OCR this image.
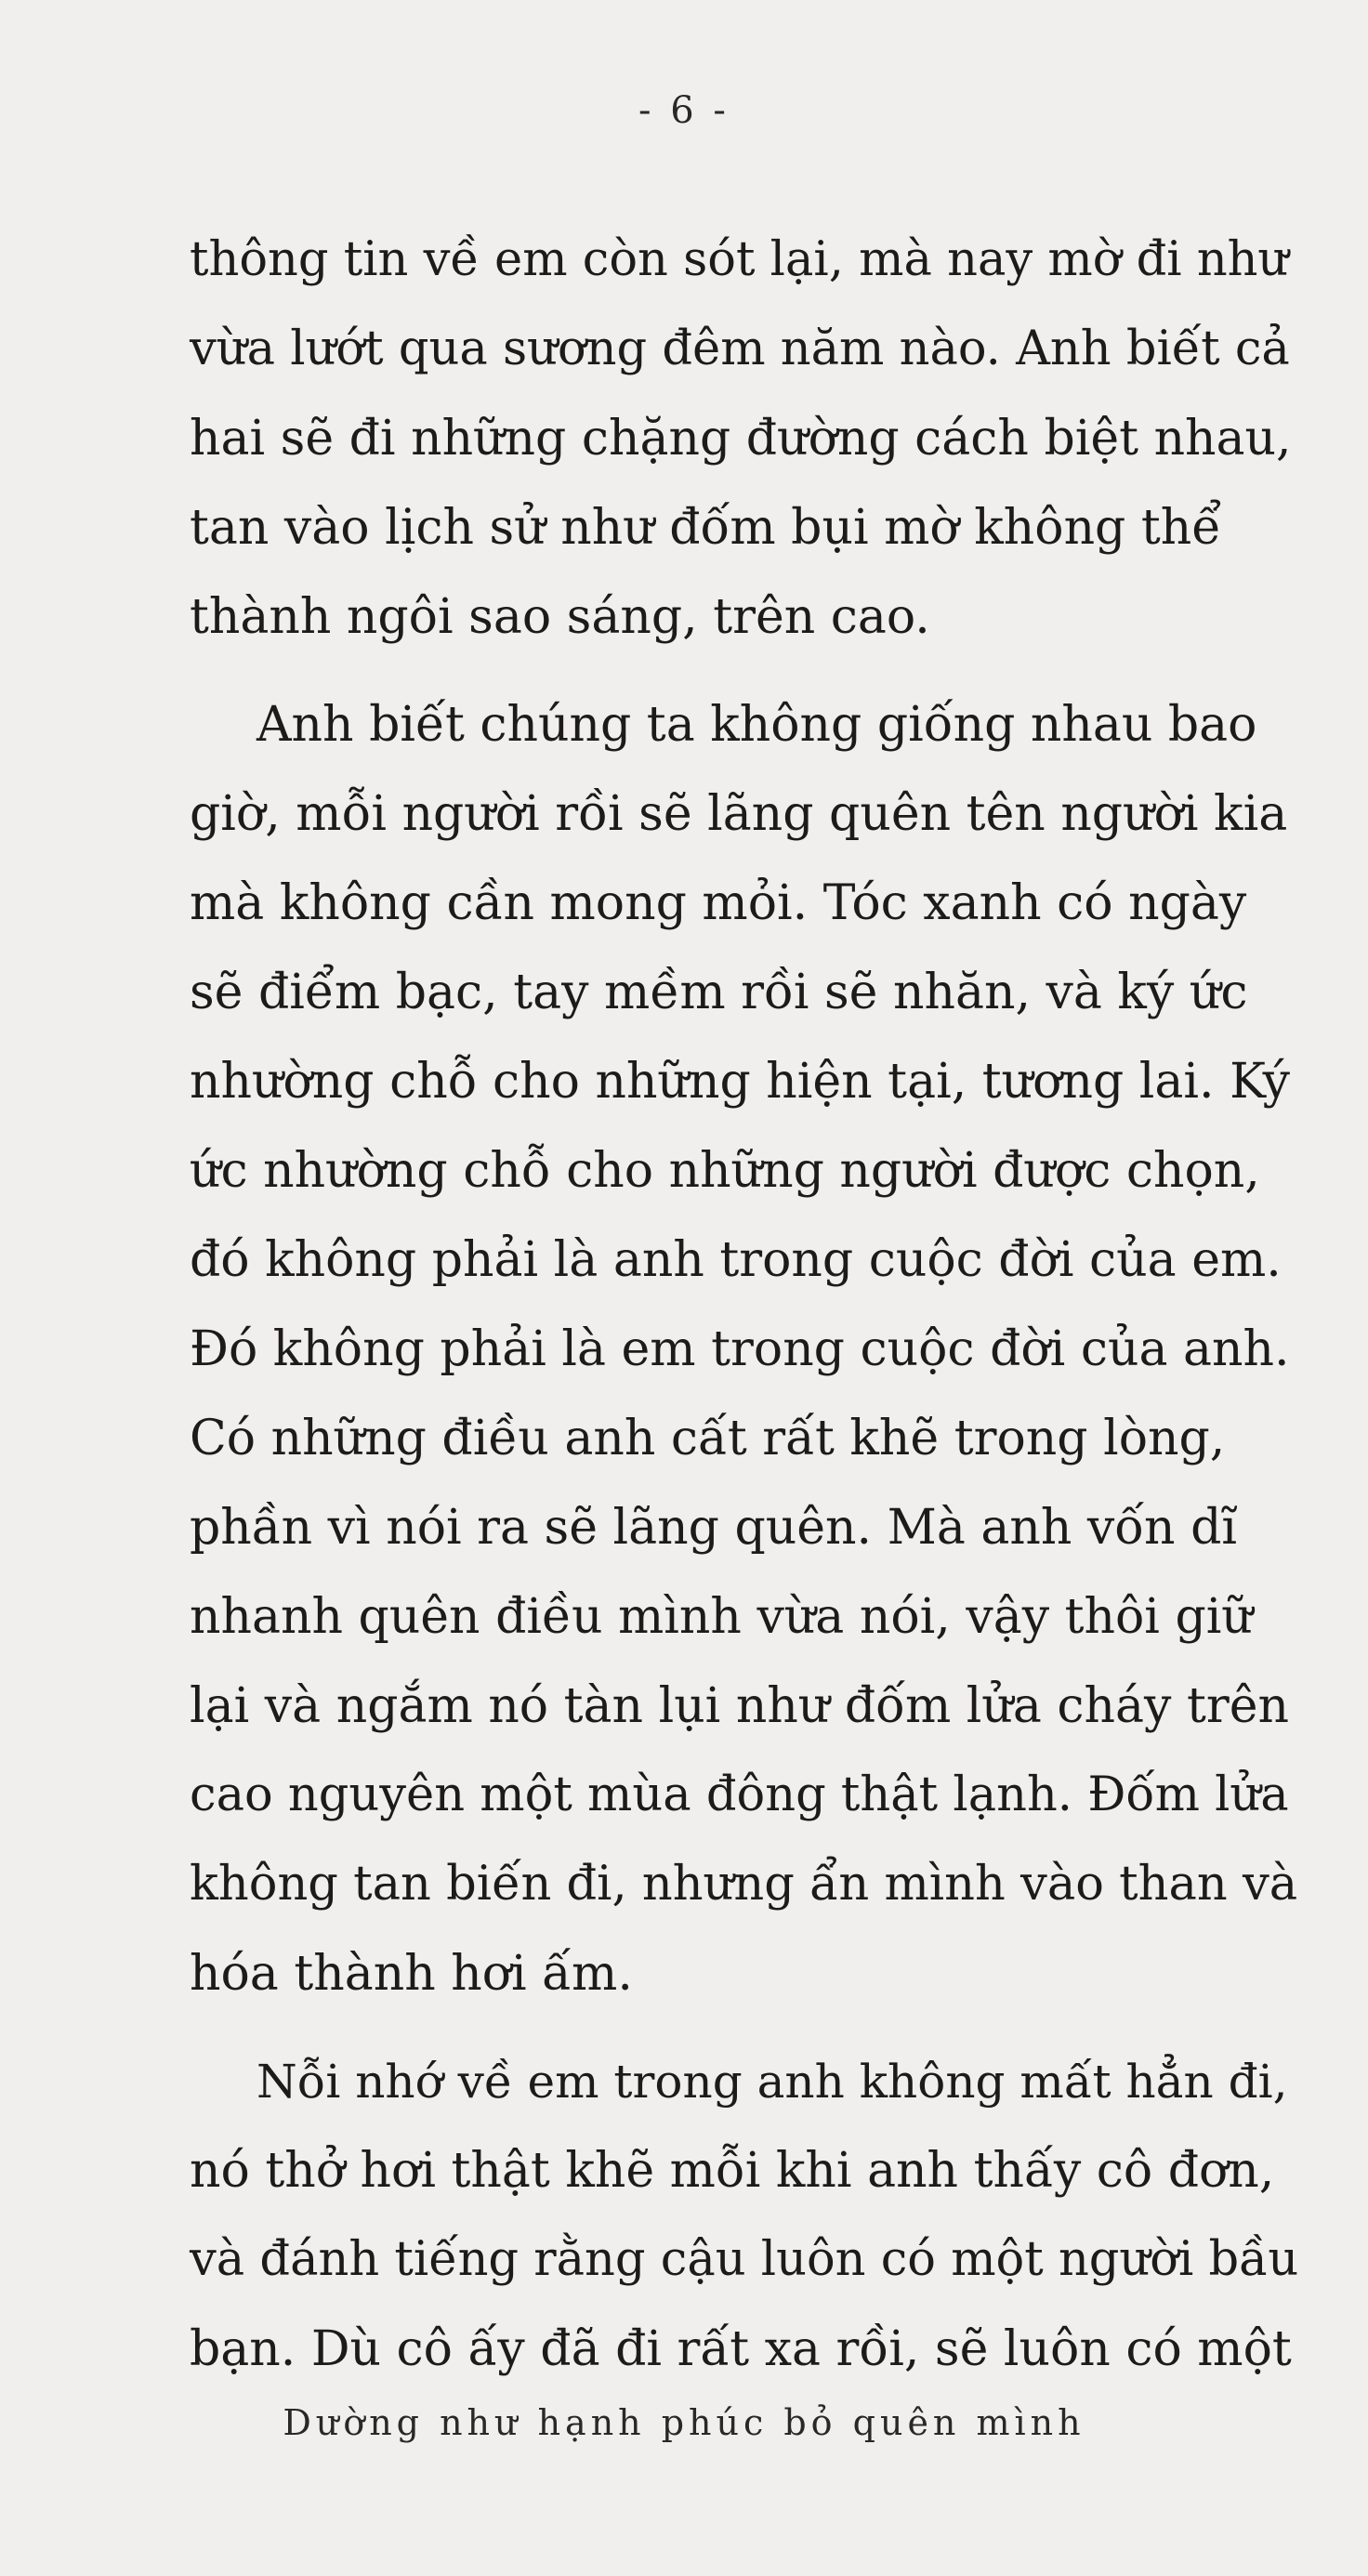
- 6 -

thông tin về em còn sót lại, mà nay mờ đi như
vừa lướt qua sương đêm năm nào. Anh biết cả
hai sẽ đi những chặng đường cách biệt nhau,
tan vào lịch sử như đốm bụi mờ không thể
thành ngôi sao sáng, trên cao.

Anh biết chúng ta không giống nhau bao
giờ, mỗi người rồi sẽ lãng quên tên người kia
mà không cần mong mỏi. Tóc xanh có ngày
sẽ điểm bạc, tay mềm rồi sẽ nhăn, và ký ức
nhường chỗ cho những hiện tại, tương lai. Ký
ức nhường chỗ cho những người được chọn,
đó không phải là anh trong cuộc đời của em.
Đó không phải là em trong cuộc đời của anh.
Có những điều anh cất rất khẽ trong lòng,
phần vì nói ra sẽ lãng quên. Mà anh vốn dĩ
nhanh quên điều mình vừa nói, vậy thôi giữ
lại và ngắm nó tàn lụi như đốm lửa cháy trên
cao nguyên một mùa đông thật lạnh. Đốm lửa
không tan biến đi, nhưng ẩn mình vào than và
hóa thành hơi ấm.

Nỗi nhớ về em trong anh không mất hẳn đi,
nó thở hơi thật khẽ mỗi khi anh thấy cô đơn,
và đánh tiếng rằng cậu luôn có một người bầu
bạn. Dù cô ấy đã đi rất xa rồi, sẽ luôn có một

Dường như hạnh phúc bỏ quên mình
